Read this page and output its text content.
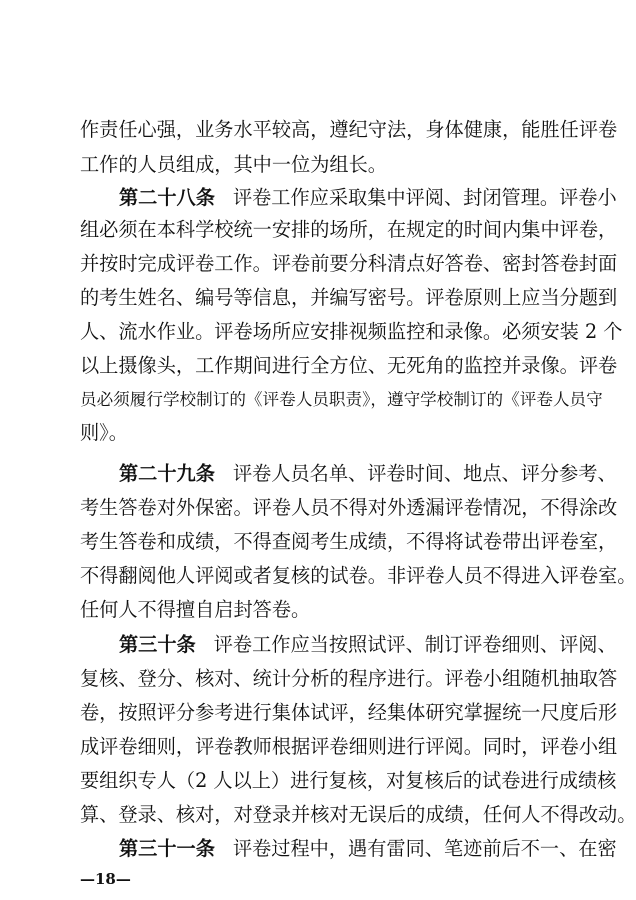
作责任心强，业务水平较高，遵纪守法，身体健康，能胜任评卷
工作的人员组成，其中一位为组长。
第二十八条 评卷工作应采取集中评阅、封闭管理。评卷小
组必须在本科学校统一安排的场所，在规定的时间内集中评卷，
并按时完成评卷工作。评卷前要分科清点好答卷、密封答卷封面
的考生姓名、编号等信息，并编写密号。评卷原则上应当分题到
人、流水作业。评卷场所应安排视频监控和录像。必须安装 2 个
以上摄像头，工作期间进行全方位、无死角的监控并录像。评卷
员必须履行学校制订的《评卷人员职责》，遵守学校制订的《评卷人员守
则》。
第二十九条 评卷人员名单、评卷时间、地点、评分参考、
考生答卷对外保密。评卷人员不得对外透漏评卷情况，不得涂改
考生答卷和成绩，不得查阅考生成绩，不得将试卷带出评卷室，
不得翻阅他人评阅或者复核的试卷。非评卷人员不得进入评卷室。
任何人不得擅自启封答卷。
第三十条 评卷工作应当按照试评、制订评卷细则、评阅、
复核、登分、核对、统计分析的程序进行。评卷小组随机抽取答
卷，按照评分参考进行集体试评，经集体研究掌握统一尺度后形
成评卷细则，评卷教师根据评卷细则进行评阅。同时，评卷小组
要组织专人（2 人以上）进行复核，对复核后的试卷进行成绩核
算、登录、核对，对登录并核对无误后的成绩，任何人不得改动。
第三十一条 评卷过程中，遇有雷同、笔迹前后不一、在密
—18—
